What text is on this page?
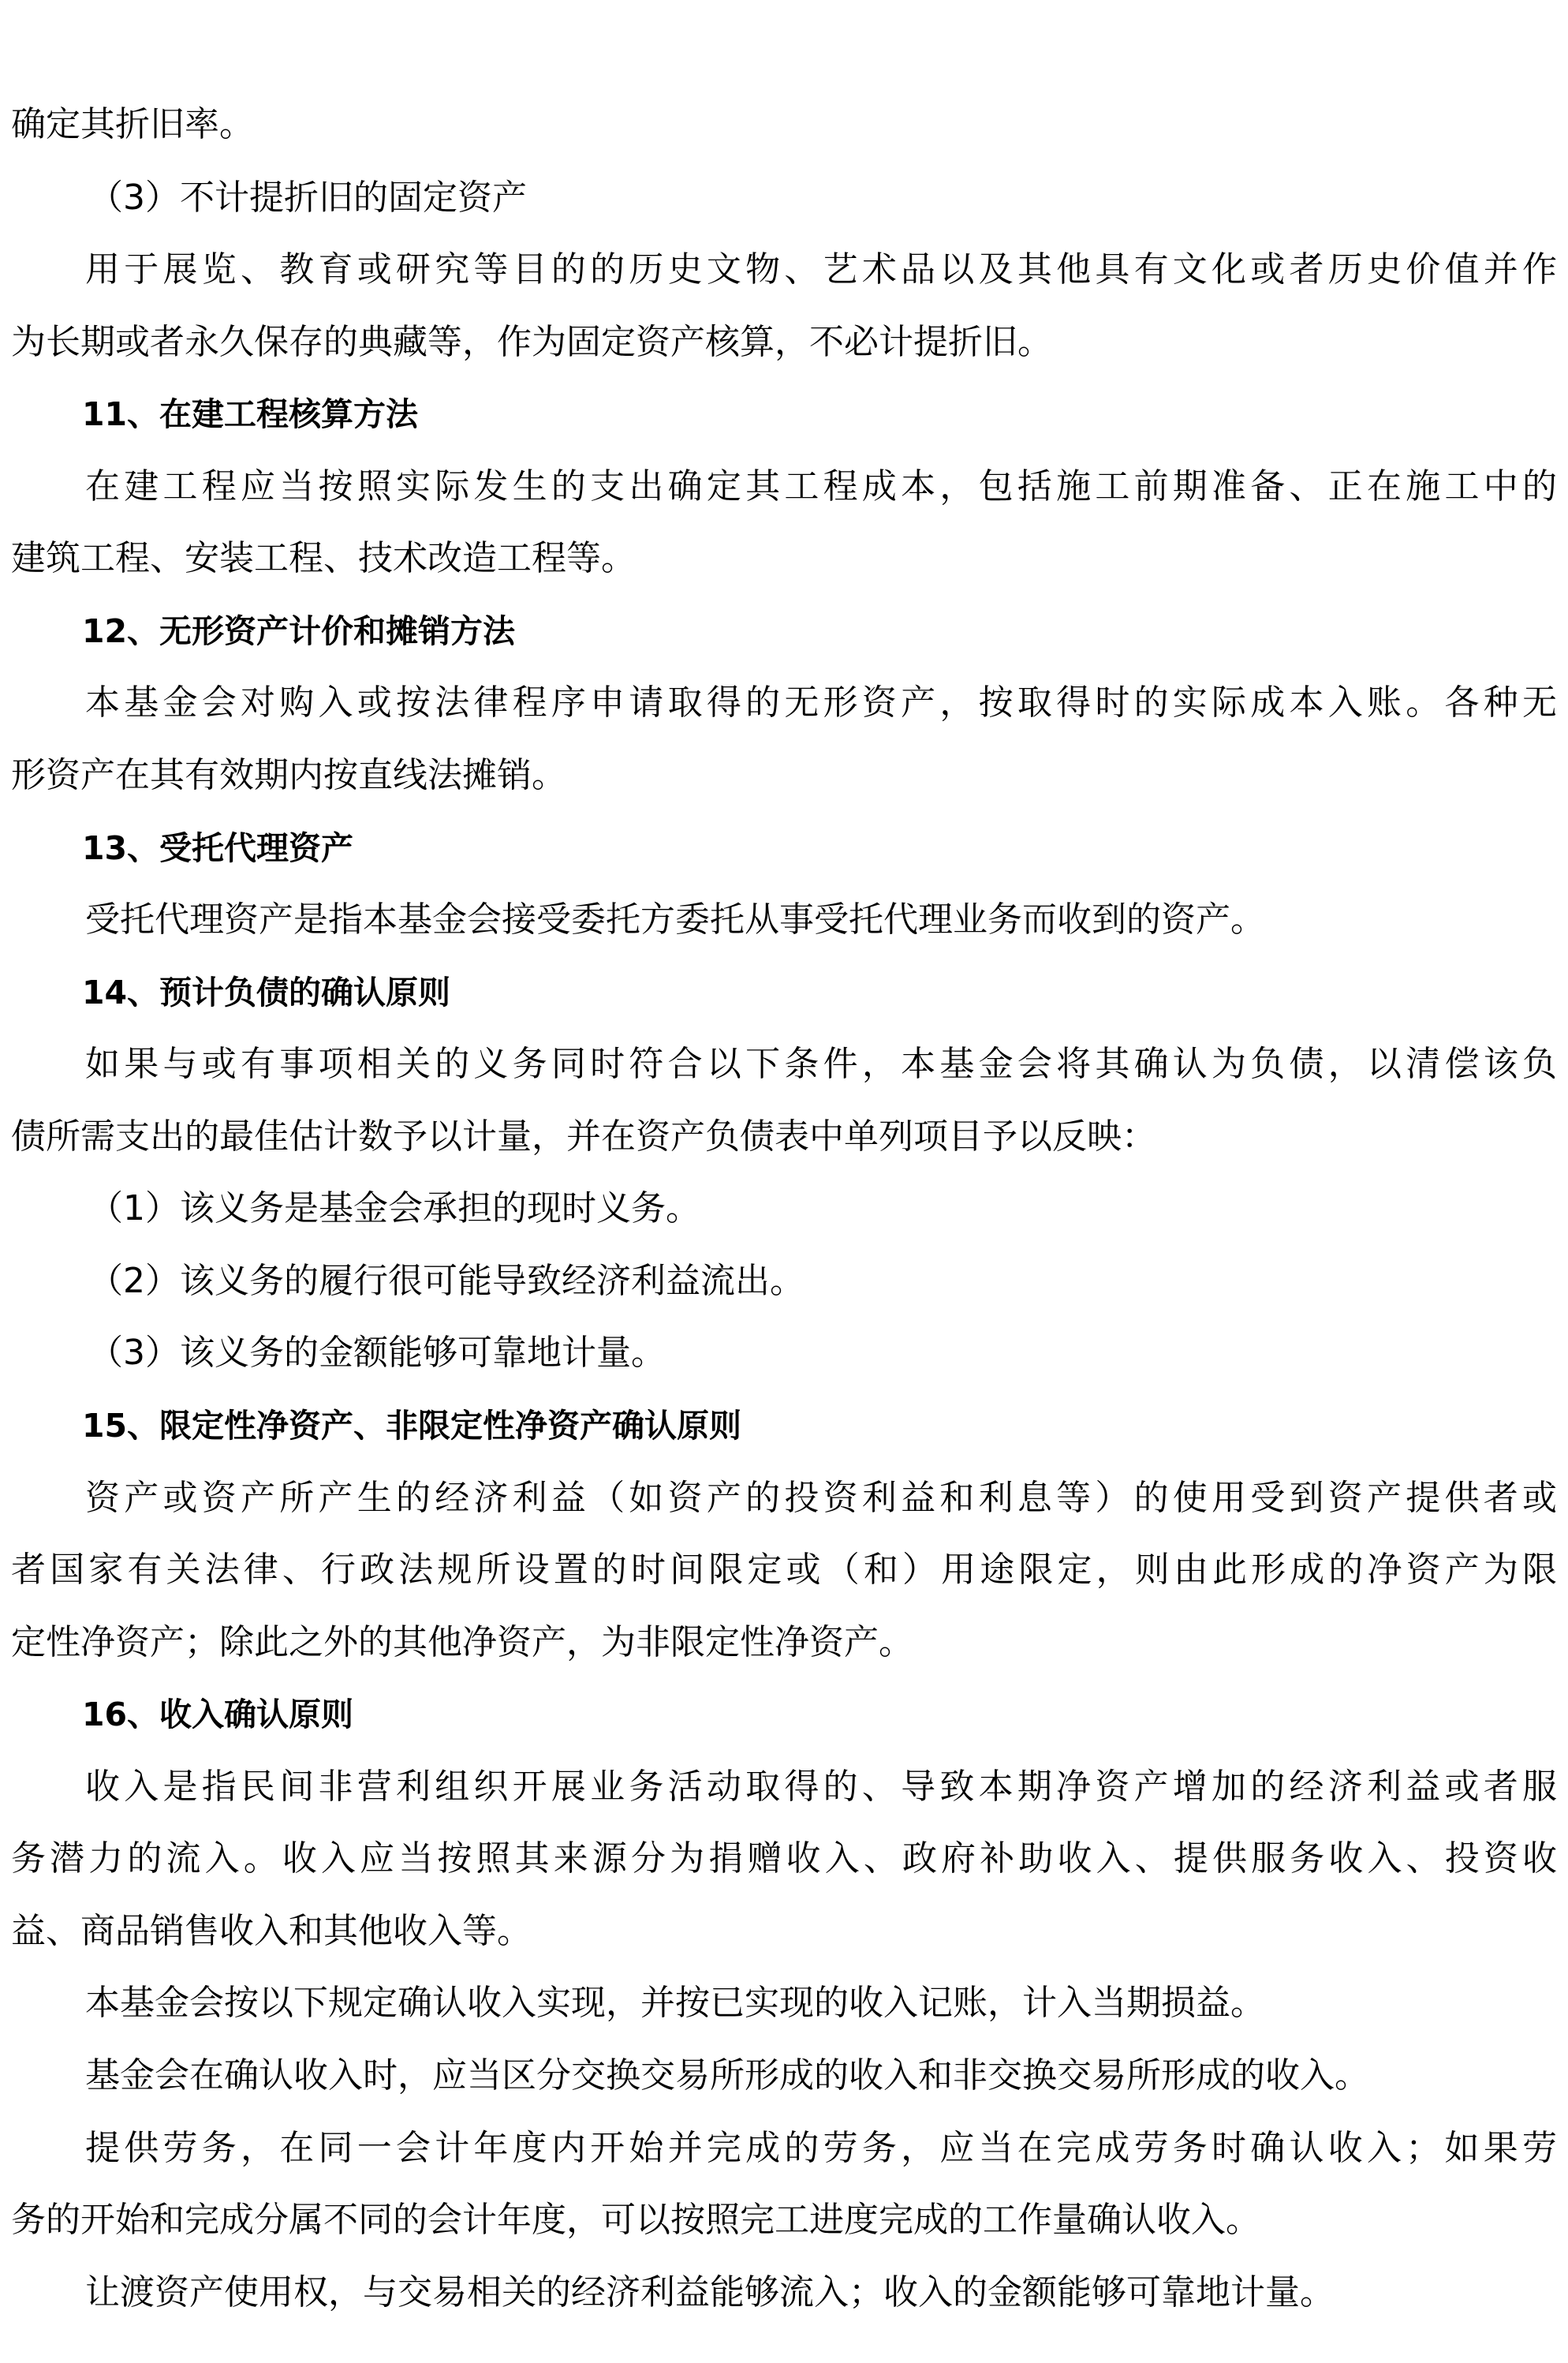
确定其折旧率。
（3）不计提折旧的固定资产
用于展览、教育或研究等目的的历史文物、艺术品以及其他具有文化或者历史价值并作
为长期或者永久保存的典藏等，作为固定资产核算，不必计提折旧。
11、在建工程核算方法
在建工程应当按照实际发生的支出确定其工程成本，包括施工前期准备、正在施工中的
建筑工程、安装工程、技术改造工程等。
12、无形资产计价和摊销方法
本基金会对购入或按法律程序申请取得的无形资产，按取得时的实际成本入账。各种无
形资产在其有效期内按直线法摊销。
13、受托代理资产
受托代理资产是指本基金会接受委托方委托从事受托代理业务而收到的资产。
14、预计负债的确认原则
如果与或有事项相关的义务同时符合以下条件，本基金会将其确认为负债，以清偿该负
债所需支出的最佳估计数予以计量，并在资产负债表中单列项目予以反映：
（1）该义务是基金会承担的现时义务。
（2）该义务的履行很可能导致经济利益流出。
（3）该义务的金额能够可靠地计量。
15、限定性净资产、非限定性净资产确认原则
资产或资产所产生的经济利益（如资产的投资利益和利息等）的使用受到资产提供者或
者国家有关法律、行政法规所设置的时间限定或（和）用途限定，则由此形成的净资产为限
定性净资产；除此之外的其他净资产，为非限定性净资产。
16、收入确认原则
收入是指民间非营利组织开展业务活动取得的、导致本期净资产增加的经济利益或者服
务潜力的流入。收入应当按照其来源分为捐赠收入、政府补助收入、提供服务收入、投资收
益、商品销售收入和其他收入等。
本基金会按以下规定确认收入实现，并按已实现的收入记账，计入当期损益。
基金会在确认收入时，应当区分交换交易所形成的收入和非交换交易所形成的收入。
提供劳务，在同一会计年度内开始并完成的劳务，应当在完成劳务时确认收入；如果劳
务的开始和完成分属不同的会计年度，可以按照完工进度完成的工作量确认收入。
让渡资产使用权，与交易相关的经济利益能够流入；收入的金额能够可靠地计量。
